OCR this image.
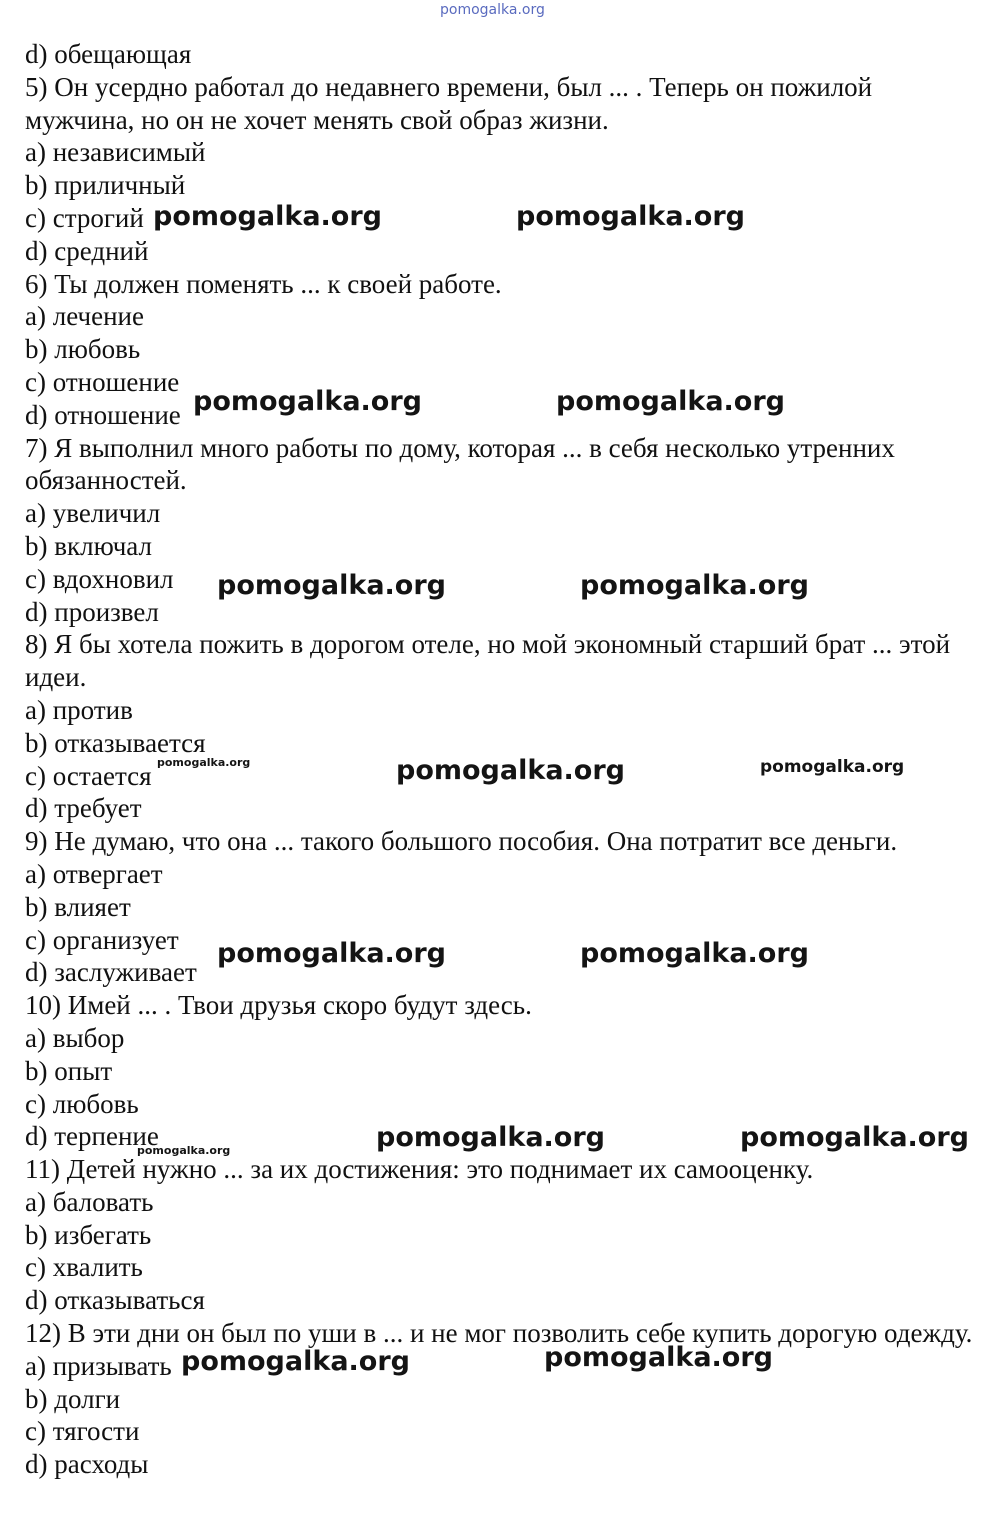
pomogalka.org
d) обещающая
5) Он усердно работал до недавнего времени, был ... . Теперь он пожилой мужчина, но он не хочет менять свой образ жизни.
a) независимый
b) приличный
c) строгий
d) средний
6) Ты должен поменять ... к своей работе.
a) лечение
b) любовь
c) отношение
d) отношение
7) Я выполнил много работы по дому, которая ... в себя несколько утренних обязанностей.
a) увеличил
b) включал
c) вдохновил
d) произвел
8) Я бы хотела пожить в дорогом отеле, но мой экономный старший брат ... этой идеи.
a) против
b) отказывается
c) остается
d) требует
9) Не думаю, что она ... такого большого пособия. Она потратит все деньги.
a) отвергает
b) влияет
c) организует
d) заслуживает
10) Имей ... . Твои друзья скоро будут здесь.
a) выбор
b) опыт
c) любовь
d) терпение
11) Детей нужно ... за их достижения: это поднимает их самооценку.
a) баловать
b) избегать
c) хвалить
d) отказываться
12) В эти дни он был по уши в ... и не мог позволить себе купить дорогую одежду.
a) призывать
b) долги
c) тягости
d) расходы
pomogalka.org	pomogalka.org
pomogalka.org	pomogalka.org
pomogalka.org	pomogalka.org
pomogalka.org	pomogalka.org	pomogalka.org
pomogalka.org	pomogalka.org
pomogalka.org	pomogalka.org	pomogalka.org
pomogalka.org	pomogalka.org
